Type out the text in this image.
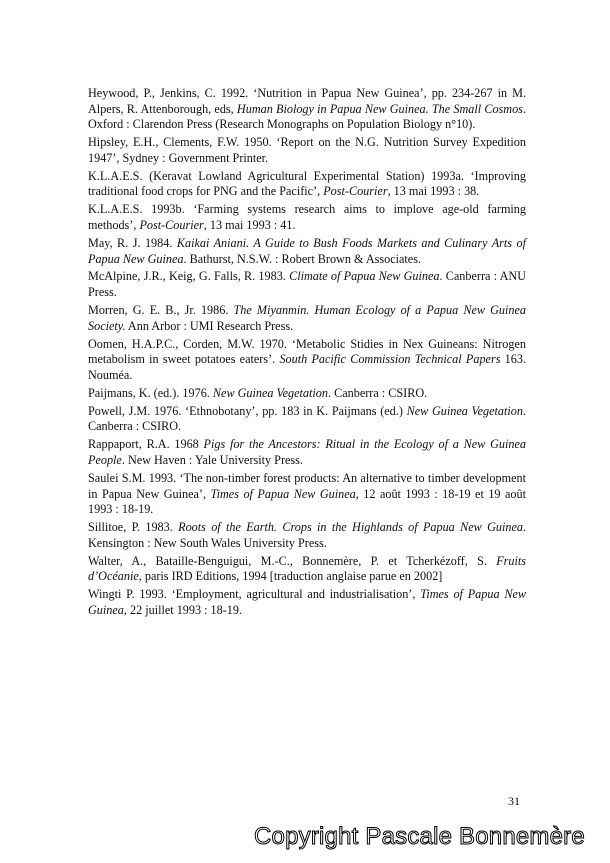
Heywood, P., Jenkins, C. 1992. ‘Nutrition in Papua New Guinea’, pp. 234-267 in M. Alpers, R. Attenborough, eds, Human Biology in Papua New Guinea. The Small Cosmos. Oxford : Clarendon Press (Research Monographs on Population Biology n°10).
Hipsley, E.H., Clements, F.W. 1950. ‘Report on the N.G. Nutrition Survey Expedition 1947’, Sydney : Government Printer.
K.L.A.E.S. (Keravat Lowland Agricultural Experimental Station) 1993a. ‘Improving traditional food crops for PNG and the Pacific’, Post-Courier, 13 mai 1993 : 38.
K.L.A.E.S. 1993b. ‘Farming systems research aims to implove age-old farming methods’, Post-Courier, 13 mai 1993 : 41.
May, R. J. 1984. Kaikai Aniani. A Guide to Bush Foods Markets and Culinary Arts of Papua New Guinea. Bathurst, N.S.W. : Robert Brown & Associates.
McAlpine, J.R., Keig, G. Falls, R. 1983. Climate of Papua New Guinea. Canberra : ANU Press.
Morren, G. E. B., Jr. 1986. The Miyanmin. Human Ecology of a Papua New Guinea Society. Ann Arbor : UMI Research Press.
Oomen, H.A.P.C., Corden, M.W. 1970. ‘Metabolic Stidies in Nex Guineans: Nitrogen metabolism in sweet potatoes eaters’. South Pacific Commission Technical Papers 163. Nouméa.
Paijmans, K. (ed.). 1976. New Guinea Vegetation. Canberra : CSIRO.
Powell, J.M. 1976. ‘Ethnobotany’, pp. 183 in K. Paijmans (ed.) New Guinea Vegetation. Canberra : CSIRO.
Rappaport, R.A. 1968 Pigs for the Ancestors: Ritual in the Ecology of a New Guinea People. New Haven : Yale University Press.
Saulei S.M. 1993. ‘The non-timber forest products: An alternative to timber development in Papua New Guinea’, Times of Papua New Guinea, 12 août 1993 : 18-19 et 19 août 1993 : 18-19.
Sillitoe, P. 1983. Roots of the Earth. Crops in the Highlands of Papua New Guinea. Kensington : New South Wales University Press.
Walter, A., Bataille-Benguigui, M.-C., Bonnemère, P. et Tcherkézoff, S. Fruits d’Océanie, paris IRD Editions, 1994 [traduction anglaise parue en 2002]
Wingti P. 1993. ‘Employment, agricultural and industrialisation’, Times of Papua New Guinea, 22 juillet 1993 : 18-19.
31
Copyright Pascale Bonnemère
